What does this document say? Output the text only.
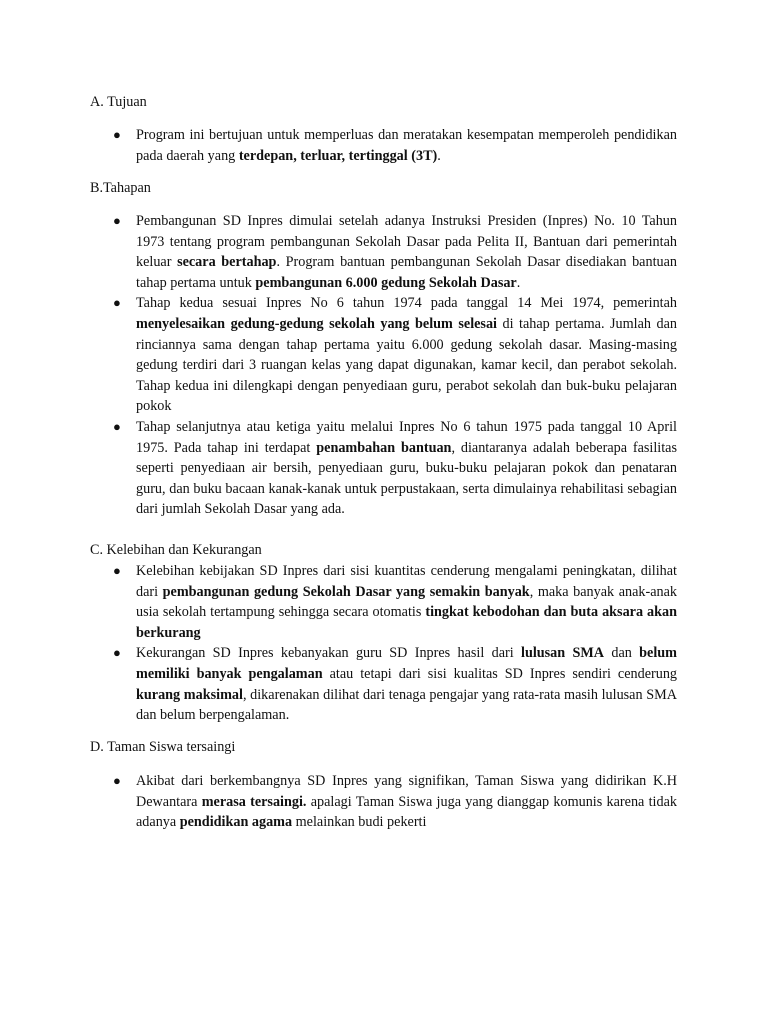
A. Tujuan
● Program ini bertujuan untuk memperluas dan meratakan kesempatan memperoleh pendidikan pada daerah yang terdepan, terluar, tertinggal (3T).
B.Tahapan
● Pembangunan SD Inpres dimulai setelah adanya Instruksi Presiden (Inpres) No. 10 Tahun 1973 tentang program pembangunan Sekolah Dasar pada Pelita II, Bantuan dari pemerintah keluar secara bertahap. Program bantuan pembangunan Sekolah Dasar disediakan bantuan tahap pertama untuk pembangunan 6.000 gedung Sekolah Dasar.
● Tahap kedua sesuai Inpres No 6 tahun 1974 pada tanggal 14 Mei 1974, pemerintah menyelesaikan gedung-gedung sekolah yang belum selesai di tahap pertama. Jumlah dan rinciannya sama dengan tahap pertama yaitu 6.000 gedung sekolah dasar. Masing-masing gedung terdiri dari 3 ruangan kelas yang dapat digunakan, kamar kecil, dan perabot sekolah. Tahap kedua ini dilengkapi dengan penyediaan guru, perabot sekolah dan buk-buku pelajaran pokok
● Tahap selanjutnya atau ketiga yaitu melalui Inpres No 6 tahun 1975 pada tanggal 10 April 1975. Pada tahap ini terdapat penambahan bantuan, diantaranya adalah beberapa fasilitas seperti penyediaan air bersih, penyediaan guru, buku-buku pelajaran pokok dan penataran guru, dan buku bacaan kanak-kanak untuk perpustakaan, serta dimulainya rehabilitasi sebagian dari jumlah Sekolah Dasar yang ada.
C. Kelebihan dan Kekurangan
● Kelebihan kebijakan SD Inpres dari sisi kuantitas cenderung mengalami peningkatan, dilihat dari pembangunan gedung Sekolah Dasar yang semakin banyak, maka banyak anak-anak usia sekolah tertampung sehingga secara otomatis tingkat kebodohan dan buta aksara akan berkurang
● Kekurangan SD Inpres kebanyakan guru SD Inpres hasil dari lulusan SMA dan belum memiliki banyak pengalaman atau tetapi dari sisi kualitas SD Inpres sendiri cenderung kurang maksimal, dikarenakan dilihat dari tenaga pengajar yang rata-rata masih lulusan SMA dan belum berpengalaman.
D. Taman Siswa tersaingi
● Akibat dari berkembangnya SD Inpres yang signifikan, Taman Siswa yang didirikan K.H Dewantara merasa tersaingi. apalagi Taman Siswa juga yang dianggap komunis karena tidak adanya pendidikan agama melainkan budi pekerti
